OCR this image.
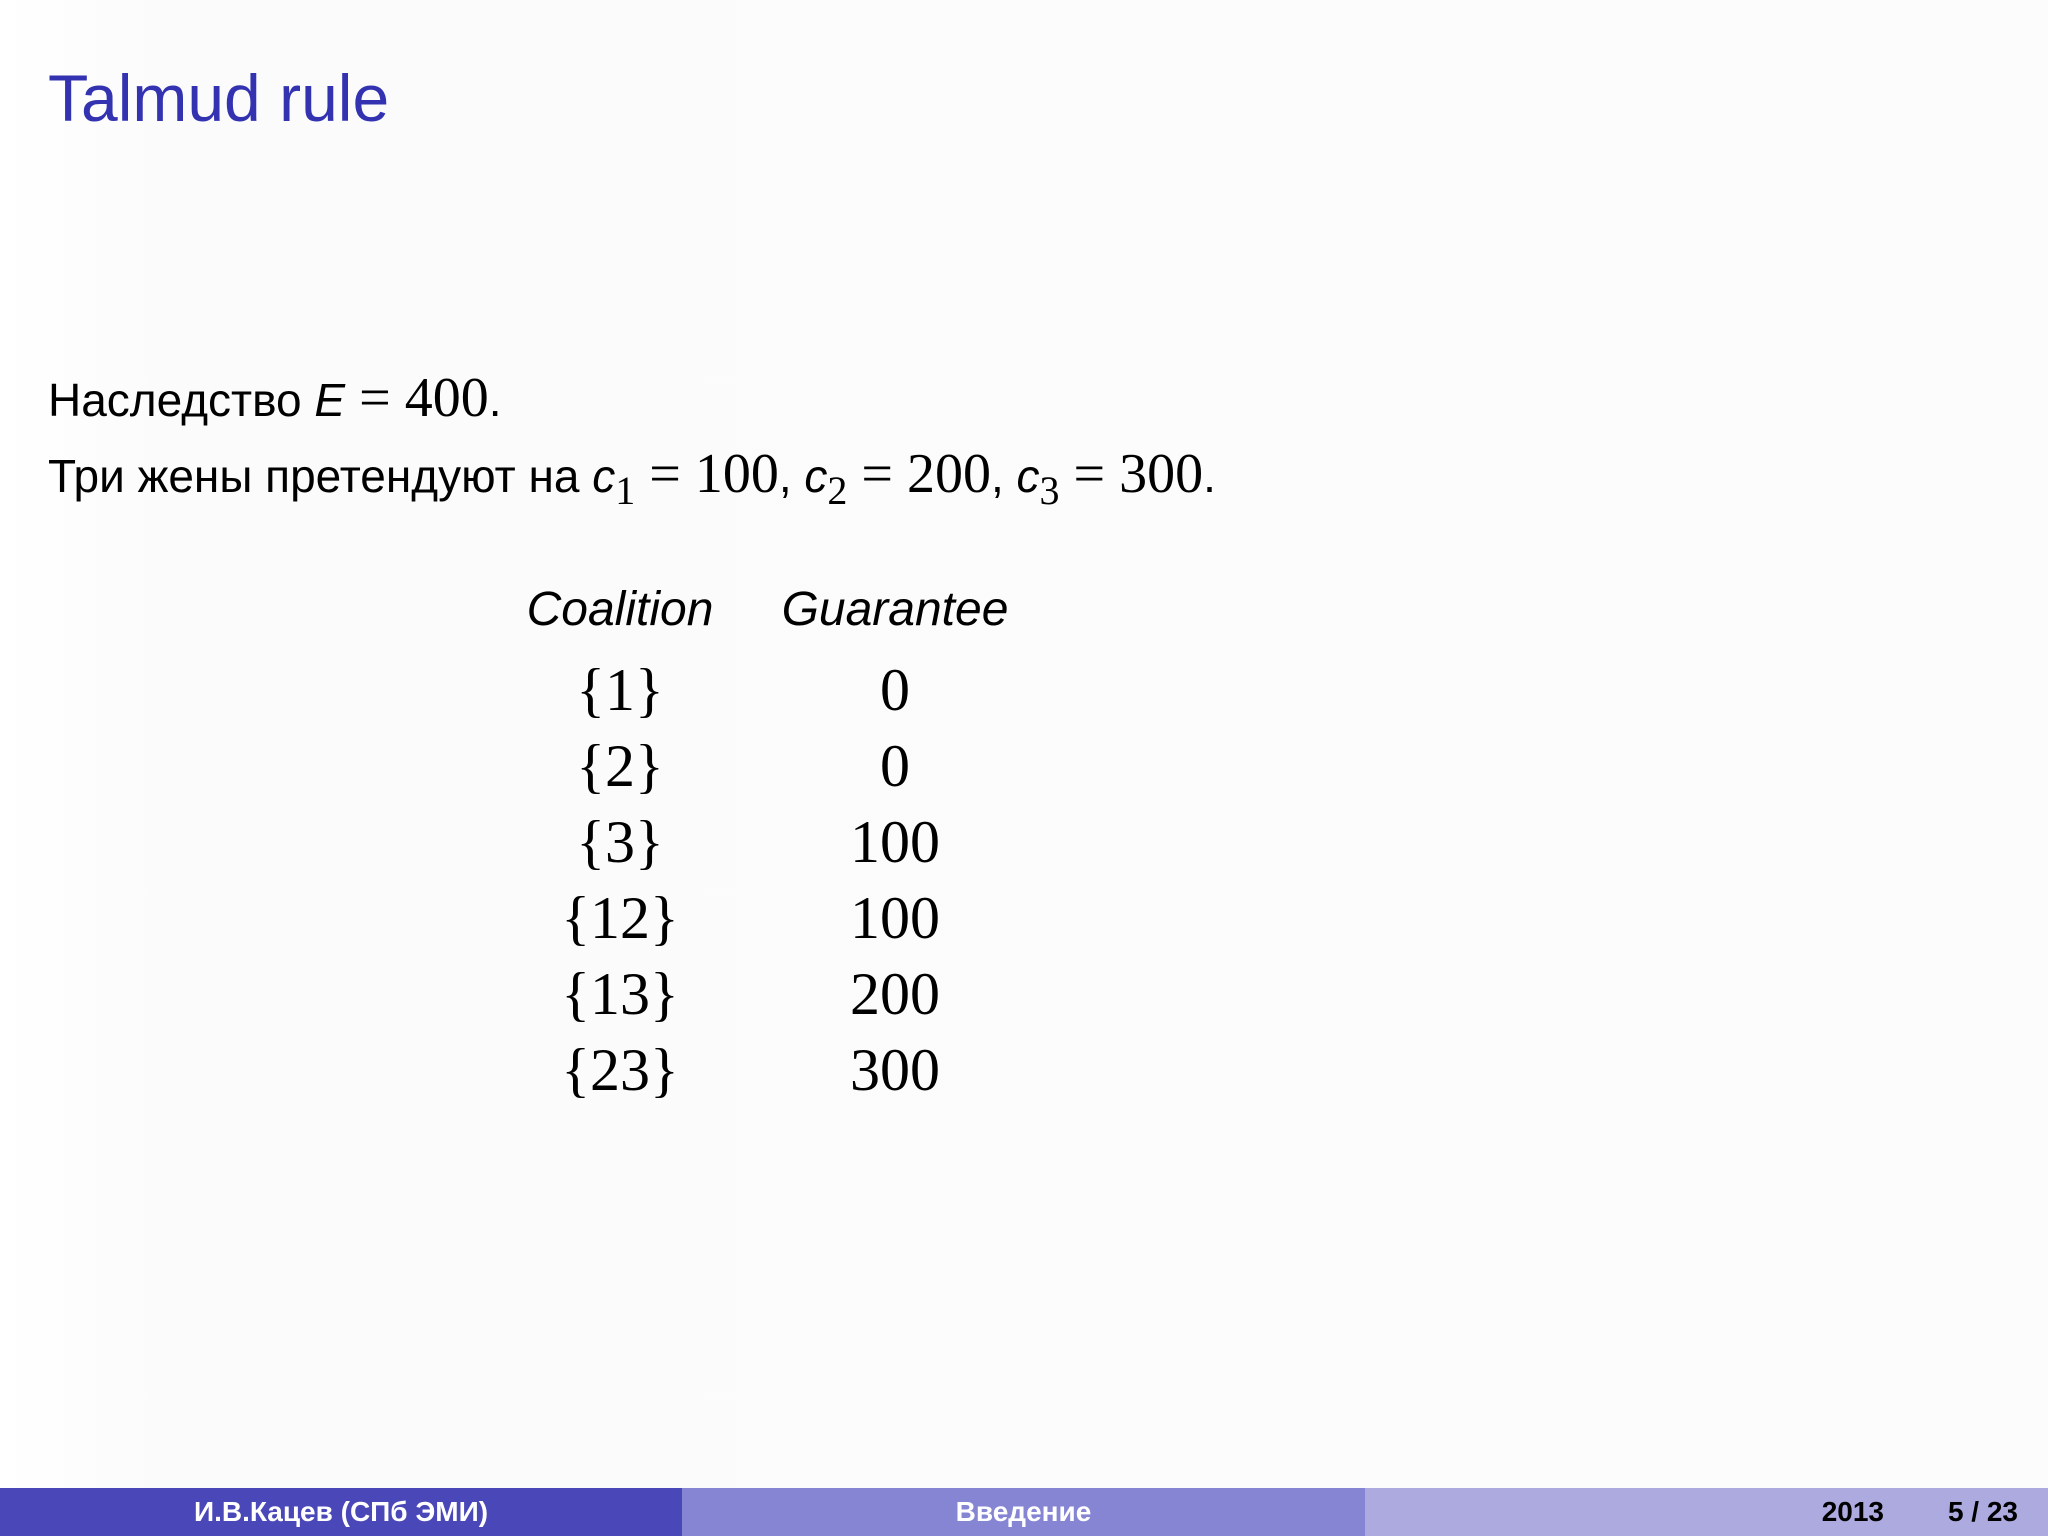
Talmud rule
Наследство E = 400.
Три жены претендуют на $c_1 = 100$, $c_2 = 200$, $c_3 = 300$.
Coalition	Guarantee
{1}	0
{2}	0
{3}	100
{12}	100
{13}	200
{23}	300
И.В.Кацев (СПб ЭМИ)	Введение	2013 5 / 23
